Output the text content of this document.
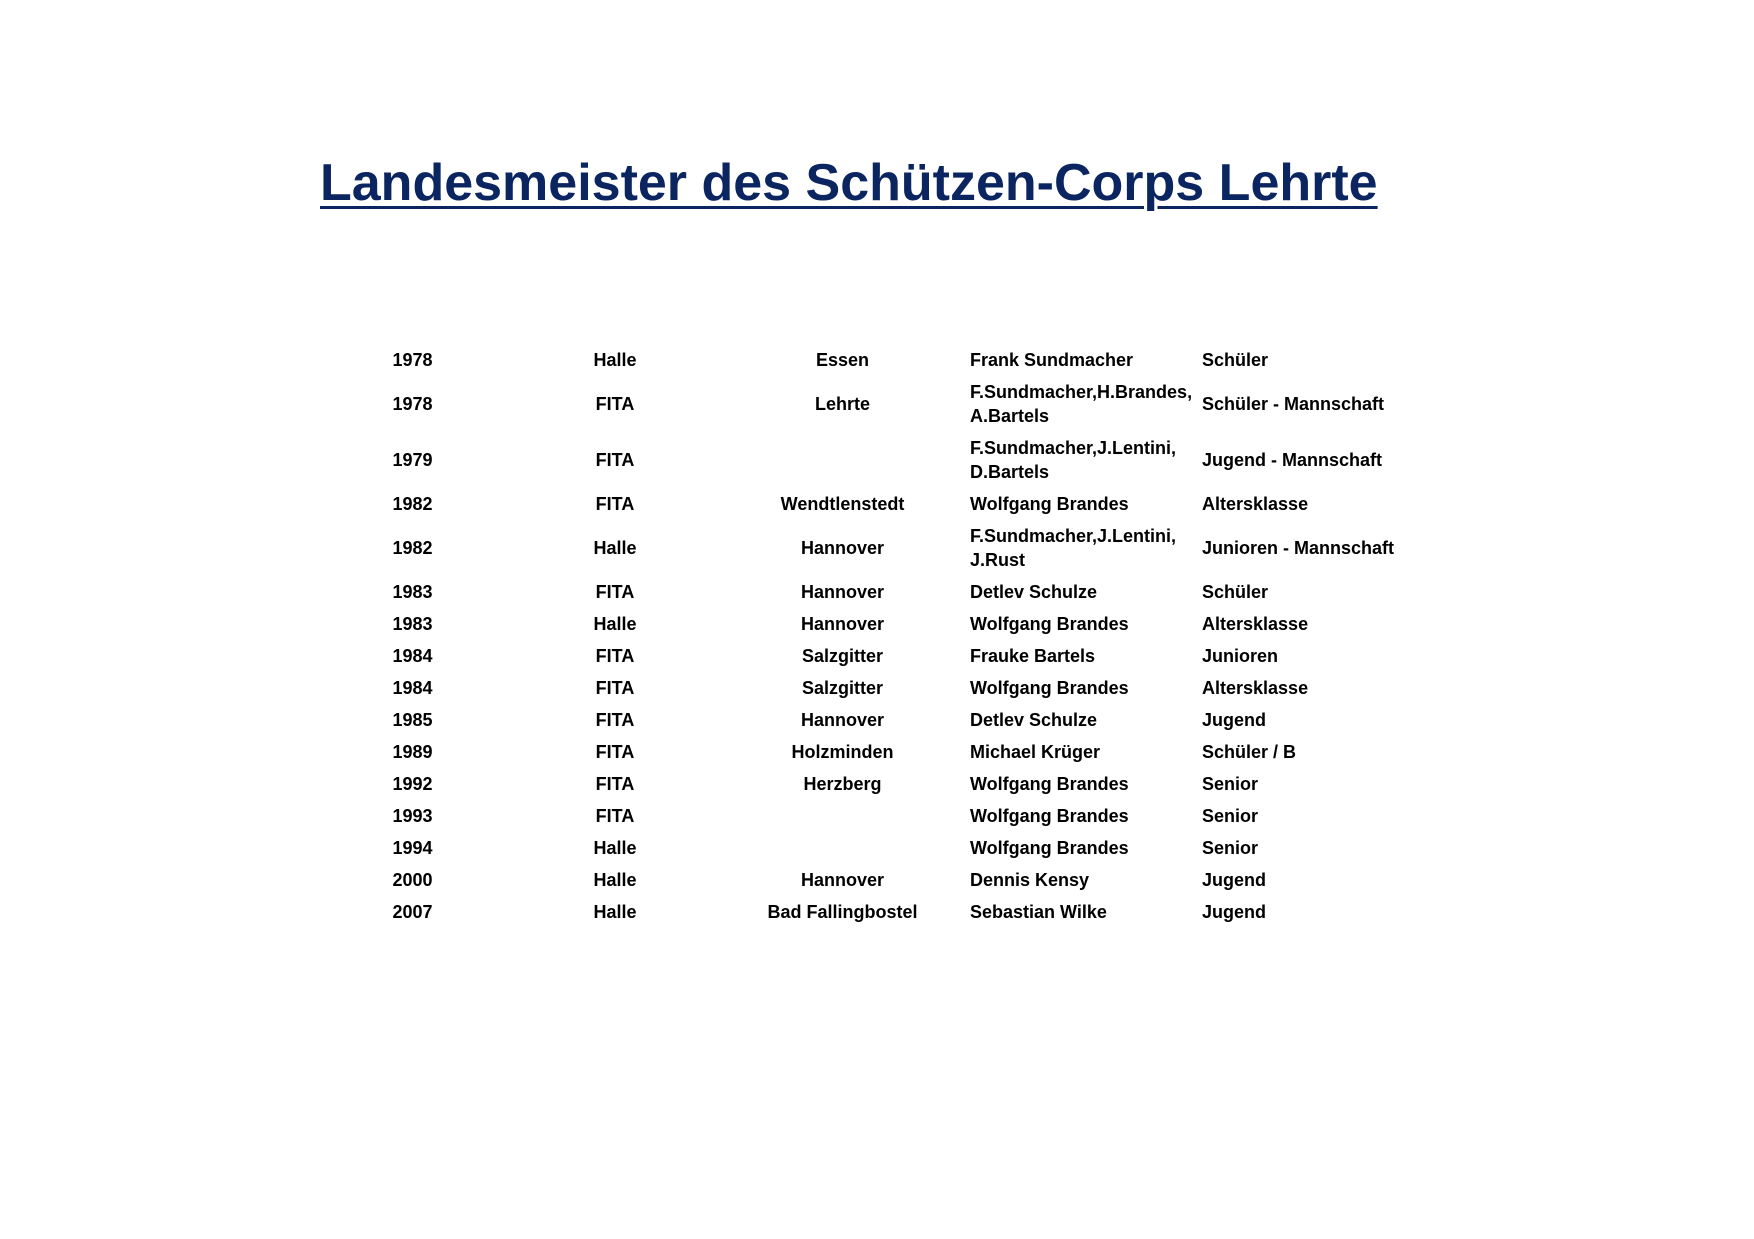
Landesmeister des Schützen-Corps Lehrte
1978	Halle	Essen	Frank Sundmacher	Schüler
1978	FITA	Lehrte	F.Sundmacher,H.Brandes,A.Bartels	Schüler - Mannschaft
1979	FITA		F.Sundmacher,J.Lentini, D.Bartels	Jugend - Mannschaft
1982	FITA	Wendtlenstedt	Wolfgang Brandes	Altersklasse
1982	Halle	Hannover	F.Sundmacher,J.Lentini, J.Rust	Junioren - Mannschaft
1983	FITA	Hannover	Detlev Schulze	Schüler
1983	Halle	Hannover	Wolfgang Brandes	Altersklasse
1984	FITA	Salzgitter	Frauke Bartels	Junioren
1984	FITA	Salzgitter	Wolfgang Brandes	Altersklasse
1985	FITA	Hannover	Detlev Schulze	Jugend
1989	FITA	Holzminden	Michael Krüger	Schüler / B
1992	FITA	Herzberg	Wolfgang Brandes	Senior
1993	FITA		Wolfgang Brandes	Senior
1994	Halle		Wolfgang Brandes	Senior
2000	Halle	Hannover	Dennis Kensy	Jugend
2007	Halle	Bad Fallingbostel	Sebastian Wilke	Jugend
